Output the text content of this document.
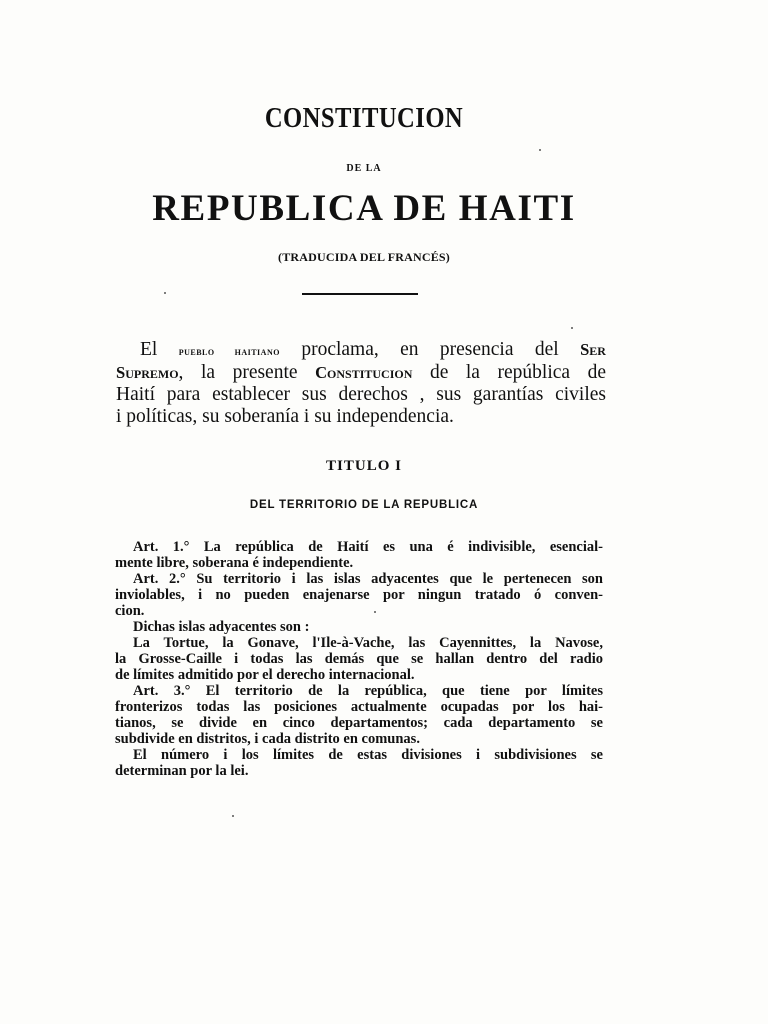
CONSTITUCION
DE LA
REPUBLICA DE HAITI
(TRADUCIDA DEL FRANCÉS)
El pueblo haitiano proclama, en presencia del Ser
Supremo, la presente Constitucion de la república de
Haití para establecer sus derechos , sus garantías civiles
i políticas, su soberanía i su independencia.
TITULO I
DEL TERRITORIO DE LA REPUBLICA
Art. 1.° La república de Haití es una é indivisible, esencial-
mente libre, soberana é independiente.
Art. 2.° Su territorio i las islas adyacentes que le pertenecen son
inviolables, i no pueden enajenarse por ningun tratado ó conven-
cion.
Dichas islas adyacentes son :
La Tortue, la Gonave, l'Ile-à-Vache, las Cayennittes, la Navose,
la Grosse-Caille i todas las demás que se hallan dentro del radio
de límites admitido por el derecho internacional.
Art. 3.° El territorio de la república, que tiene por límites
fronterizos todas las posiciones actualmente ocupadas por los hai-
tianos, se divide en cinco departamentos; cada departamento se
subdivide en distritos, i cada distrito en comunas.
El número i los límites de estas divisiones i subdivisiones se
determinan por la lei.
